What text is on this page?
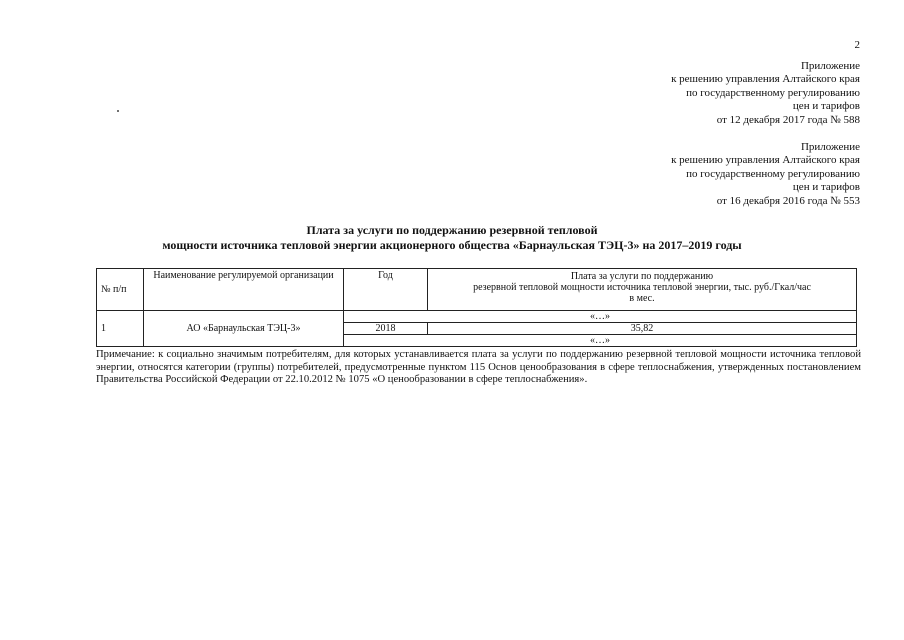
2
Приложение
к решению управления Алтайского края
по государственному регулированию
цен и тарифов
от 12 декабря 2017 года № 588
Приложение
к решению управления Алтайского края
по государственному регулированию
цен и тарифов
от 16 декабря 2016 года № 553
Плата за услуги по поддержанию резервной тепловой
мощности источника тепловой энергии акционерного общества «Барнаульская ТЭЦ-3» на 2017–2019 годы
№ п/п	Наименование регулируемой организации	Год	Плата за услуги по поддержанию
резервной тепловой мощности источника тепловой энергии, тыс. руб./Гкал/час
в мес.

1	АО «Барнаульская ТЭЦ-3»	«…»	
		2018	35,82
		«…»	
Примечание: к социально значимым потребителям, для которых устанавливается плата за услуги по поддержанию резервной тепловой мощности источника тепловой энергии, относятся категории (группы) потребителей, предусмотренные пунктом 115 Основ ценообразования в сфере теплоснабжения, утвержденных постановлением Правительства Российской Федерации от 22.10.2012 № 1075 «О ценообразовании в сфере теплоснабжения».
